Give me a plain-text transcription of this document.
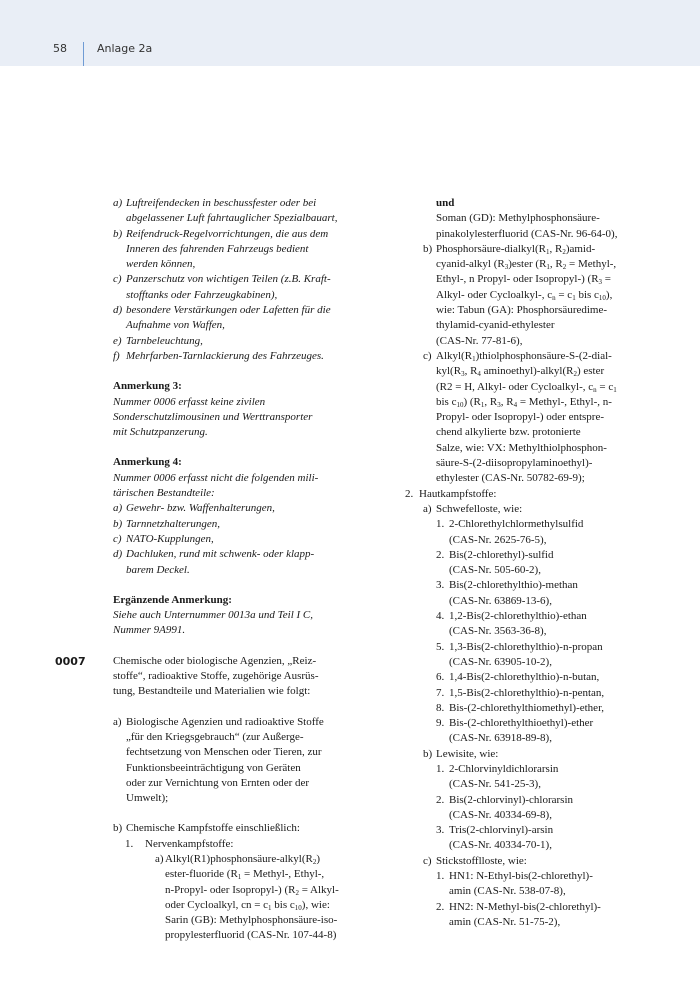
58	Anlage 2a
a) Luftreifendecken in beschussfester oder bei
abgelassener Luft fahrtauglicher Spezialbauart,
b) Reifendruck-Regelvorrichtungen, die aus dem
Inneren des fahrenden Fahrzeugs bedient
werden können,
c) Panzerschutz von wichtigen Teilen (z.B. Kraft-
stofftanks oder Fahrzeugkabinen),
d) besondere Verstärkungen oder Lafetten für die
Aufnahme von Waffen,
e) Tarnbeleuchtung,
f) Mehrfarben-Tarnlackierung des Fahrzeuges.
Anmerkung 3:
Nummer 0006 erfasst keine zivilen
Sonderschutzlimousinen und Werttransporter
mit Schutzpanzerung.
Anmerkung 4:
Nummer 0006 erfasst nicht die folgenden mili-
tärischen Bestandteile:
a) Gewehr- bzw. Waffenhalterungen,
b) Tarnnetzhalterungen,
c) NATO-Kupplungen,
d) Dachluken, rund mit schwenk- oder klapp-
barem Deckel.
Ergänzende Anmerkung:
Siehe auch Unternummer 0013a und Teil I C,
Nummer 9A991.
0007 Chemische oder biologische Agenzien, „Reiz-
stoffe“, radioaktive Stoffe, zugehörige Ausrüs-
tung, Bestandteile und Materialien wie folgt:
a) Biologische Agenzien und radioaktive Stoffe
„für den Kriegsgebrauch“ (zur Außerge-
fechtsetzung von Menschen oder Tieren, zur
Funktionsbeeinträchtigung von Geräten
oder zur Vernichtung von Ernten oder der
Umwelt);
b) Chemische Kampfstoffe einschließlich:
1.	Nervenkampfstoffe:
a) $Alkyl(R1)phosphonsäure-alkyl(R_2)$
ester-fluoride ($R_1$ = Methyl-, Ethyl-,
n-Propyl- oder Isopropyl-) ($R_2$ = Alkyl-
oder Cycloalkyl, cn = $c_1$ bis $c_{10}$), wie:
Sarin (GB): Methylphosphonsäure-iso-
propylesterfluorid (CAS-Nr. 107-44-8)
und
Soman (GD): Methylphosphonsäure-
pinakolylesterfluorid (CAS-Nr. 96-64-0),
b) Phosphorsäure-$dialkyl(R_1$, $R_2)amid-$
cyanid-alkyl $(R_3)ester$ ($R_1$, $R_2$ = Methyl-,
Ethyl-, n Propyl- oder Isopropyl-) ($R_3$ =
Alkyl- oder Cycloalkyl-, $c_n = c_1$ bis $c_{10}$),
wie: Tabun (GA): Phosphorsäuredime-
thylamid-cyanid-ethylester
(CAS-Nr. 77-81-6),
c) $Alkyl(R_1)thiolphosphonsäure-S-(2-dial-$
$kyl(R_3$, $R_4$ $aminoethyl)-alkyl(R_2)$ ester
(R2 = H, Alkyl- oder Cycloalkyl-, $c_n = c_1$
bis $c_{10}$) ($R_1$, $R_3$, $R_4$ = Methyl-, Ethyl-, n-
Propyl- oder Isopropyl-) oder entspre-
chend alkylierte bzw. protonierte
Salze, wie: VX: Methylthiolphosphon-
säure-S-(2-diisopropylaminoethyl)-
ethylester (CAS-Nr. 50782-69-9);
2. Hautkampfstoffe:
a) Schwefelloste, wie:
1. 2-Chlorethylchlormethylsulfid
(CAS-Nr. 2625-76-5),
2. Bis(2-chlorethyl)-sulfid
(CAS-Nr. 505-60-2),
3. Bis(2-chlorethylthio)-methan
(CAS-Nr. 63869-13-6),
4. 1,2-Bis(2-chlorethylthio)-ethan
(CAS-Nr. 3563-36-8),
5. 1,3-Bis(2-chlorethylthio)-n-propan
(CAS-Nr. 63905-10-2),
6. 1,4-Bis(2-chlorethylthio)-n-butan,
7. 1,5-Bis(2-chlorethylthio)-n-pentan,
8. Bis-(2-chlorethylthiomethyl)-ether,
9. Bis-(2-chlorethylthioethyl)-ether
(CAS-Nr. 63918-89-8),
b) Lewisite, wie:
1. 2-Chlorvinyldichlorarsin
(CAS-Nr. 541-25-3),
2. Bis(2-chlorvinyl)-chlorarsin
(CAS-Nr. 40334-69-8),
3. Tris(2-chlorvinyl)-arsin
(CAS-Nr. 40334-70-1),
c) Stickstofflloste, wie:
1. HN1: N-Ethyl-bis(2-chlorethyl)-
amin (CAS-Nr. 538-07-8),
2. HN2: N-Methyl-bis(2-chlorethyl)-
amin (CAS-Nr. 51-75-2),
